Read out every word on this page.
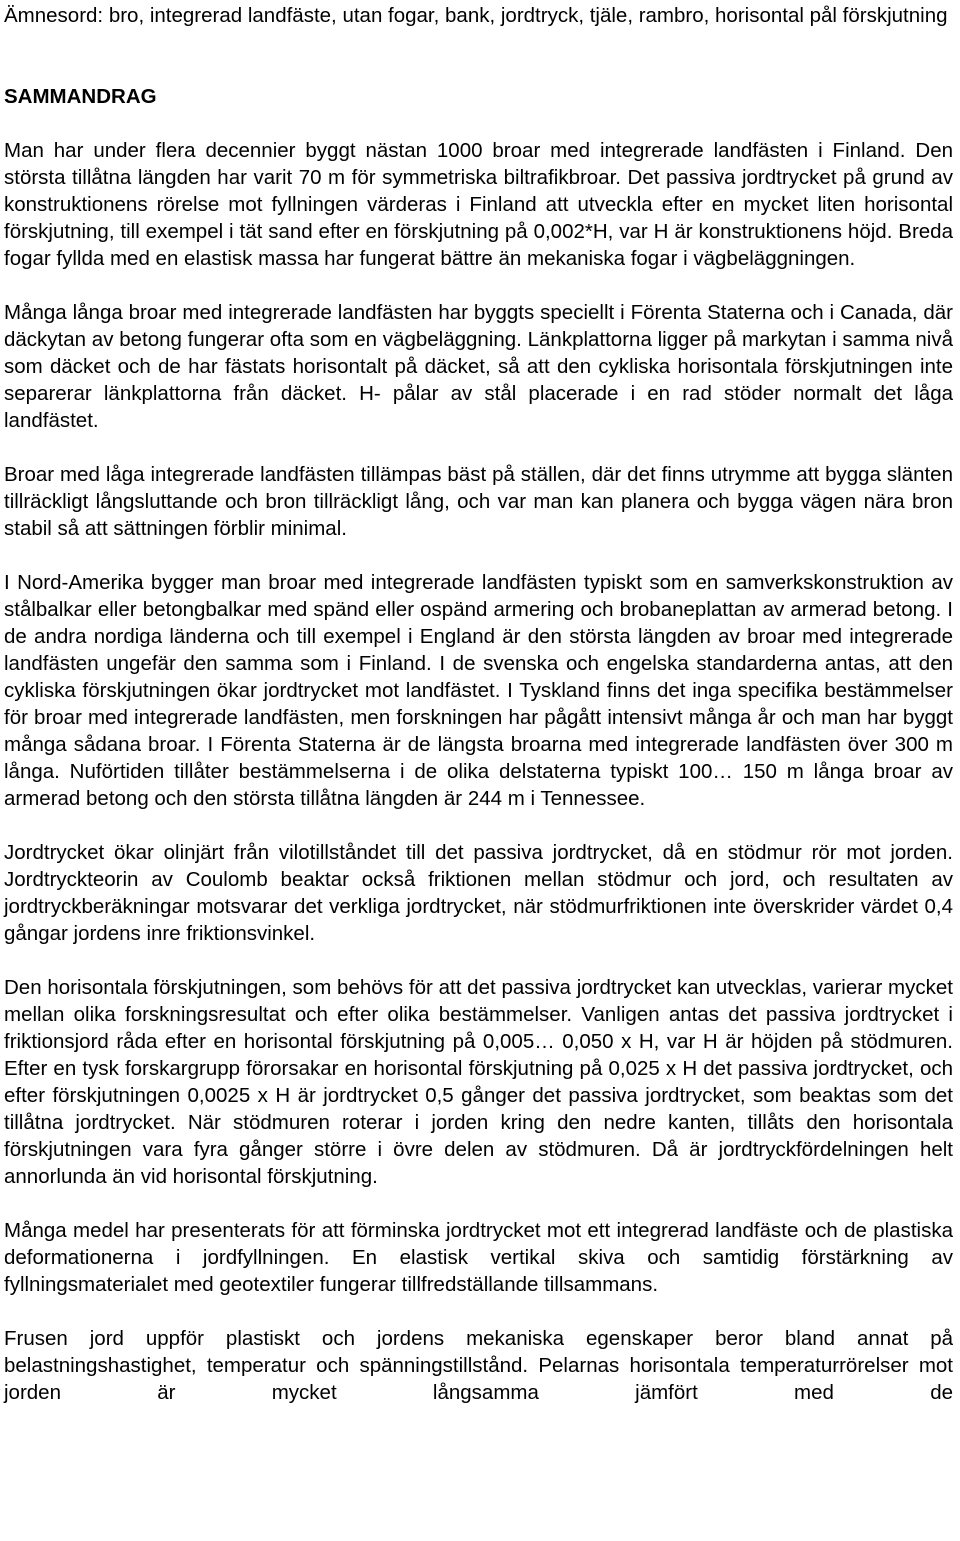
Ämnesord: bro, integrerad landfäste, utan fogar, bank, jordtryck, tjäle, rambro, horisontal pål förskjutning

SAMMANDRAG

Man har under flera decennier byggt nästan 1000 broar med integrerade landfästen i Finland. Den största tillåtna längden har varit 70 m för symmetriska biltrafikbroar. Det passiva jordtrycket på grund av konstruktionens rörelse mot fyllningen värderas i Finland att utveckla efter en mycket liten horisontal förskjutning, till exempel i tät sand efter en förskjutning på 0,002*H, var H är konstruktionens höjd. Breda fogar fyllda med en elastisk massa har fungerat bättre än mekaniska fogar i vägbeläggningen.

Många långa broar med integrerade landfästen har byggts speciellt i Förenta Staterna och i Canada, där däckytan av betong fungerar ofta som en vägbeläggning. Länkplattorna ligger på markytan i samma nivå som däcket och de har fästats horisontalt på däcket, så att den cykliska horisontala förskjutningen inte separerar länkplattorna från däcket. H- pålar av stål placerade i en rad stöder normalt det låga landfästet.

Broar med låga integrerade landfästen tillämpas bäst på ställen, där det finns utrymme att bygga slänten tillräckligt långsluttande och bron tillräckligt lång, och var man kan planera och bygga vägen nära bron stabil så att sättningen förblir minimal.

I Nord-Amerika bygger man broar med integrerade landfästen typiskt som en samverkskonstruktion av stålbalkar eller betongbalkar med spänd eller ospänd armering och brobaneplattan av armerad betong. I de andra nordiga länderna och till exempel i England är den största längden av broar med integrerade landfästen ungefär den samma som i Finland. I de svenska och engelska standarderna antas, att den cykliska förskjutningen ökar jordtrycket mot landfästet. I Tyskland finns det inga specifika bestämmelser för broar med integrerade landfästen, men forskningen har pågått intensivt många år och man har byggt många sådana broar. I Förenta Staterna är de längsta broarna med integrerade landfästen över 300 m långa. Nuförtiden tillåter bestämmelserna i de olika delstaterna typiskt 100… 150 m långa broar av armerad betong och den största tillåtna längden är 244 m i Tennessee.

Jordtrycket ökar olinjärt från vilotillståndet till det passiva jordtrycket, då en stödmur rör mot jorden. Jordtryckteorin av Coulomb beaktar också friktionen mellan stödmur och jord, och resultaten av jordtryckberäkningar motsvarar det verkliga jordtrycket, när stödmurfriktionen inte överskrider värdet 0,4 gångar jordens inre friktionsvinkel.

Den horisontala förskjutningen, som behövs för att det passiva jordtrycket kan utvecklas, varierar mycket mellan olika forskningsresultat och efter olika bestämmelser. Vanligen antas det passiva jordtrycket i friktionsjord råda efter en horisontal förskjutning på 0,005… 0,050 x H, var H är höjden på stödmuren. Efter en tysk forskargrupp förorsakar en horisontal förskjutning på 0,025 x H det passiva jordtrycket, och efter förskjutningen 0,0025 x H är jordtrycket 0,5 gånger det passiva jordtrycket, som beaktas som det tillåtna jordtrycket. När stödmuren roterar i jorden kring den nedre kanten, tillåts den horisontala förskjutningen vara fyra gånger större i övre delen av stödmuren. Då är jordtryckfördelningen helt annorlunda än vid horisontal förskjutning.

Många medel har presenterats för att förminska jordtrycket mot ett integrerad landfäste och de plastiska deformationerna i jordfyllningen. En elastisk vertikal skiva och samtidig förstärkning av fyllningsmaterialet med geotextiler fungerar tillfredställande tillsammans.

Frusen jord uppför plastiskt och jordens mekaniska egenskaper beror bland annat på belastningshastighet, temperatur och spänningstillstånd. Pelarnas horisontala temperaturrörelser mot jorden är mycket långsamma jämfört med de
